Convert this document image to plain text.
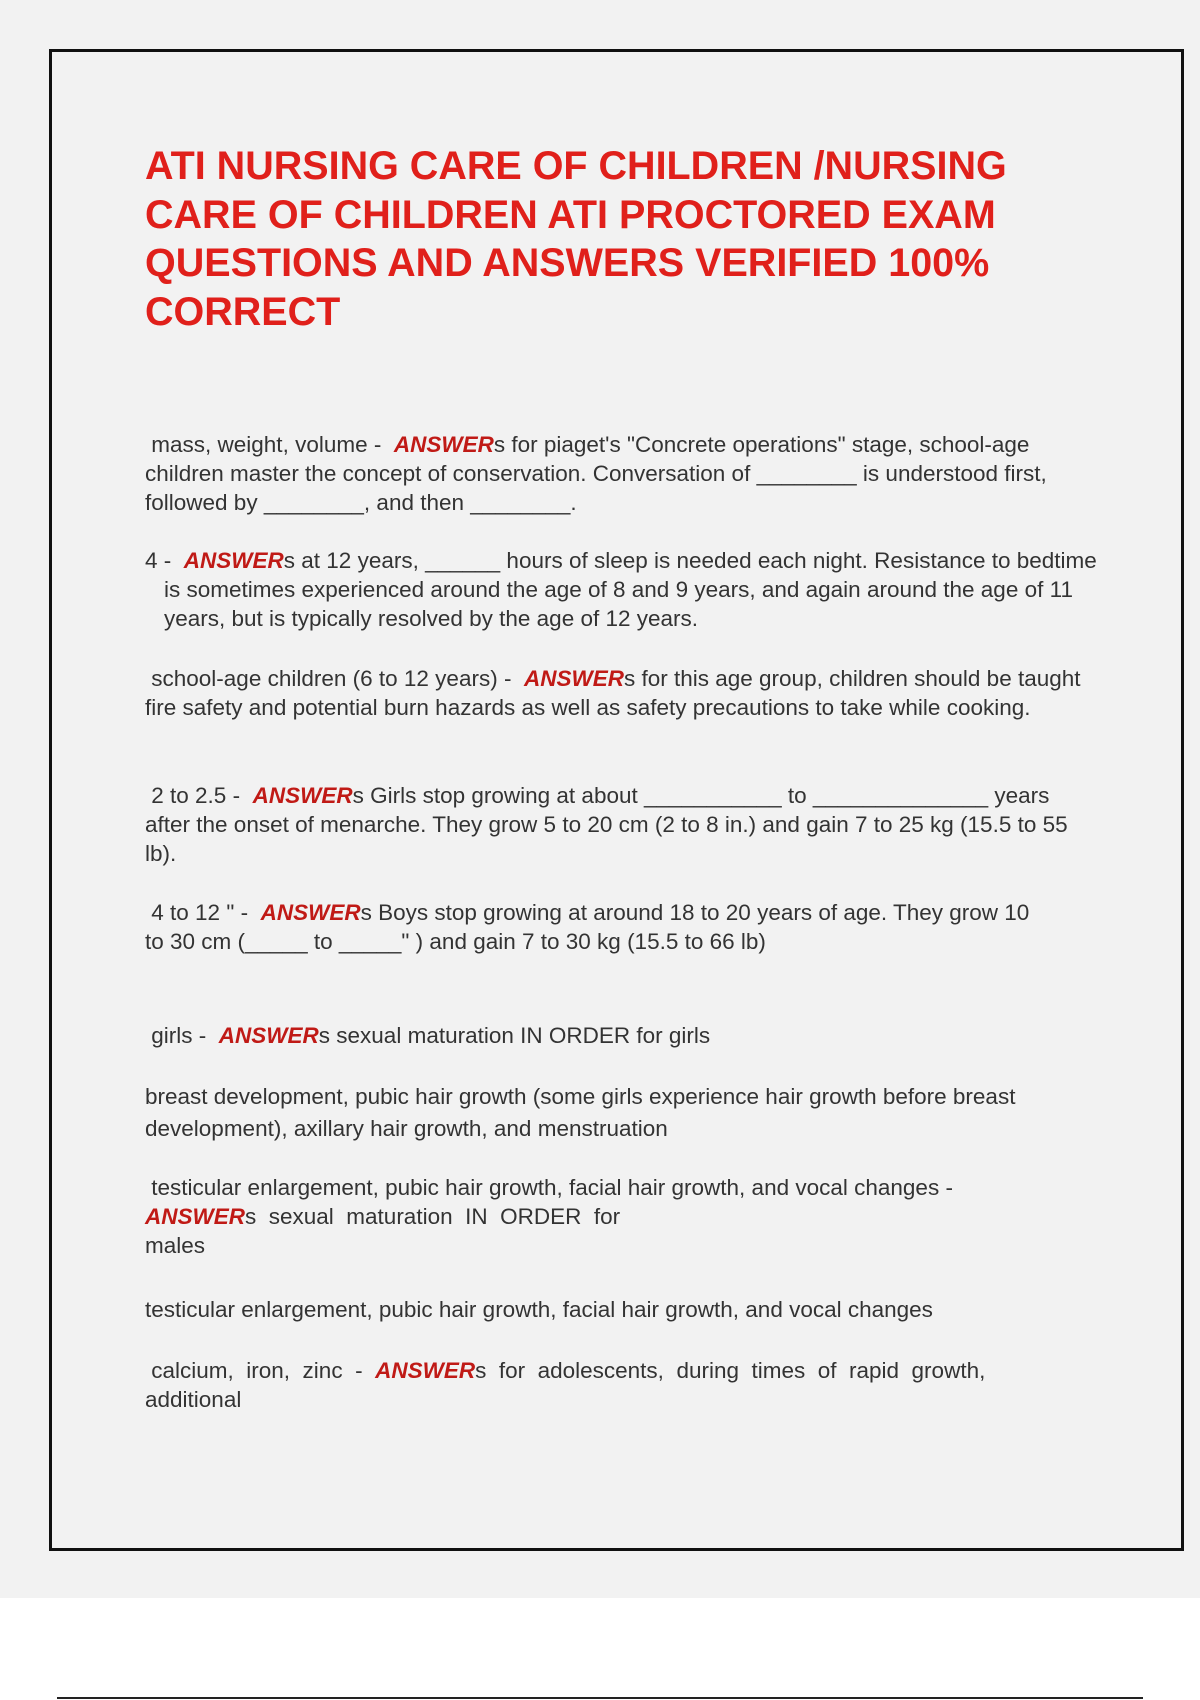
ATI NURSING CARE OF CHILDREN /NURSING CARE OF CHILDREN ATI PROCTORED EXAM QUESTIONS AND ANSWERS VERIFIED 100% CORRECT
mass, weight, volume - ANSWERs for piaget's "Concrete operations" stage, school-age children master the concept of conservation. Conversation of ________ is understood first, followed by ________, and then ________.
4 - ANSWERs at 12 years, ______ hours of sleep is needed each night. Resistance to bedtime is sometimes experienced around the age of 8 and 9 years, and again around the age of 11 years, but is typically resolved by the age of 12 years.
school-age children (6 to 12 years) - ANSWERs for this age group, children should be taught fire safety and potential burn hazards as well as safety precautions to take while cooking.
2 to 2.5 - ANSWERs Girls stop growing at about ___________ to ______________ years after the onset of menarche. They grow 5 to 20 cm (2 to 8 in.) and gain 7 to 25 kg (15.5 to 55 lb).
4 to 12 " - ANSWERs Boys stop growing at around 18 to 20 years of age. They grow 10
to 30 cm (_____ to _____" ) and gain 7 to 30 kg (15.5 to 66 lb)
girls - ANSWERs sexual maturation IN ORDER for girls
breast development, pubic hair growth (some girls experience hair growth before breast development), axillary hair growth, and menstruation
testicular enlargement, pubic hair growth, facial hair growth, and vocal changes -
ANSWERs  sexual  maturation  IN  ORDER  for
males
testicular enlargement, pubic hair growth, facial hair growth, and vocal changes
calcium,  iron,  zinc  - ANSWERs  for  adolescents,  during  times  of  rapid  growth,
additional
